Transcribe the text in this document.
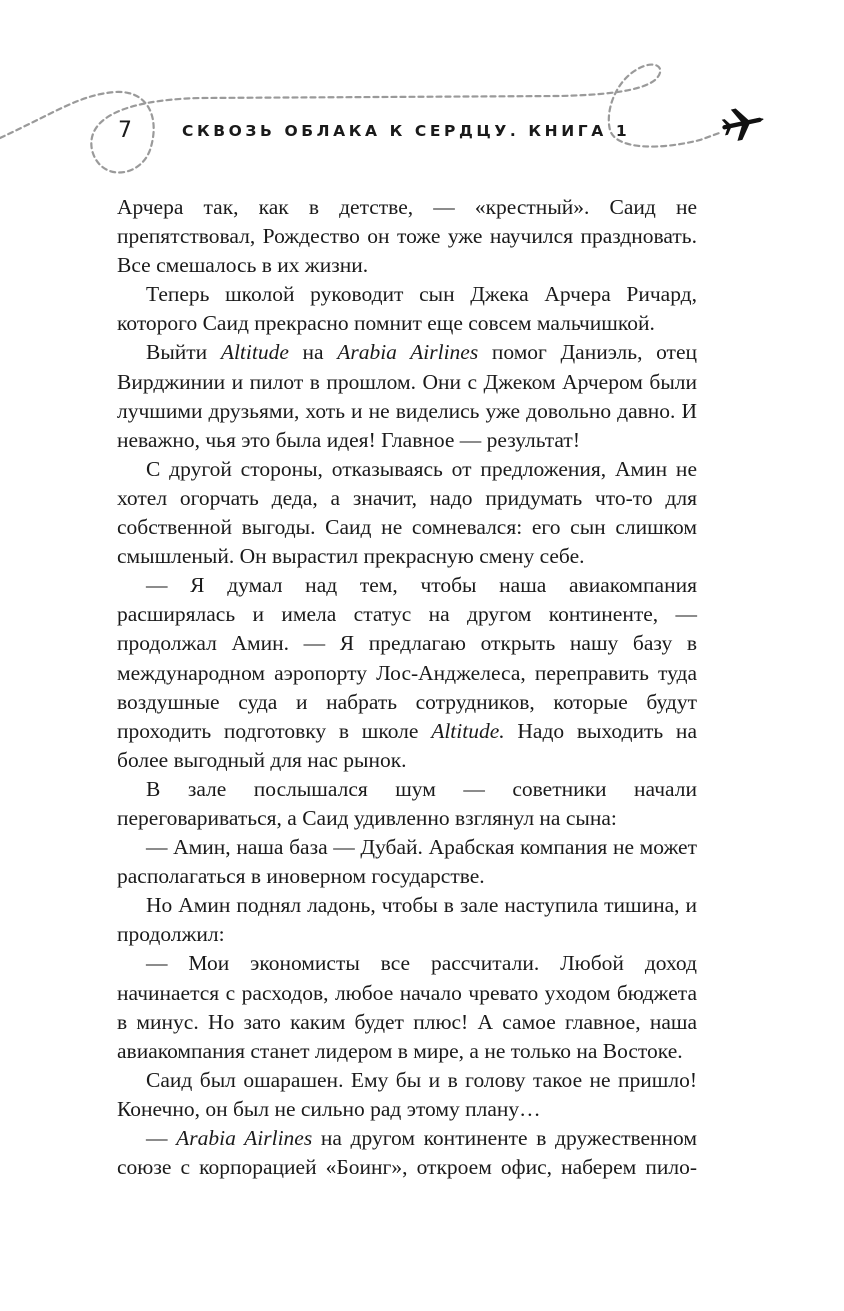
7	СКВОЗЬ ОБЛАКА К СЕРДЦУ. КНИГА 1

Арчера так, как в детстве, — «крестный». Саид не препятствовал, Рождество он тоже уже научился праздновать. Все смешалось в их жизни.

Теперь школой руководит сын Джека Арчера Ричард, которого Саид прекрасно помнит еще совсем мальчишкой.

Выйти Altitude на Arabia Airlines помог Даниэль, отец Вирджинии и пилот в прошлом. Они с Джеком Арчером были лучшими друзьями, хоть и не виделись уже довольно давно. И неважно, чья это была идея! Главное — результат!

С другой стороны, отказываясь от предложения, Амин не хотел огорчать деда, а значит, надо придумать что-то для собственной выгоды. Саид не сомневался: его сын слишком смышленый. Он вырастил прекрасную смену себе.

— Я думал над тем, чтобы наша авиакомпания расширялась и имела статус на другом континенте, — продолжал Амин. — Я предлагаю открыть нашу базу в международном аэропорту Лос-Анджелеса, переправить туда воздушные суда и набрать сотрудников, которые будут проходить подготовку в школе Altitude. Надо выходить на более выгодный для нас рынок.

В зале послышался шум — советники начали переговариваться, а Саид удивленно взглянул на сына:

— Амин, наша база — Дубай. Арабская компания не может располагаться в иноверном государстве.

Но Амин поднял ладонь, чтобы в зале наступила тишина, и продолжил:

— Мои экономисты все рассчитали. Любой доход начинается с расходов, любое начало чревато уходом бюджета в минус. Но зато каким будет плюс! А самое главное, наша авиакомпания станет лидером в мире, а не только на Востоке.

Саид был ошарашен. Ему бы и в голову такое не пришло! Конечно, он был не сильно рад этому плану…

— Arabia Airlines на другом континенте в дружественном союзе с корпорацией «Боинг», откроем офис, наберем пило-
